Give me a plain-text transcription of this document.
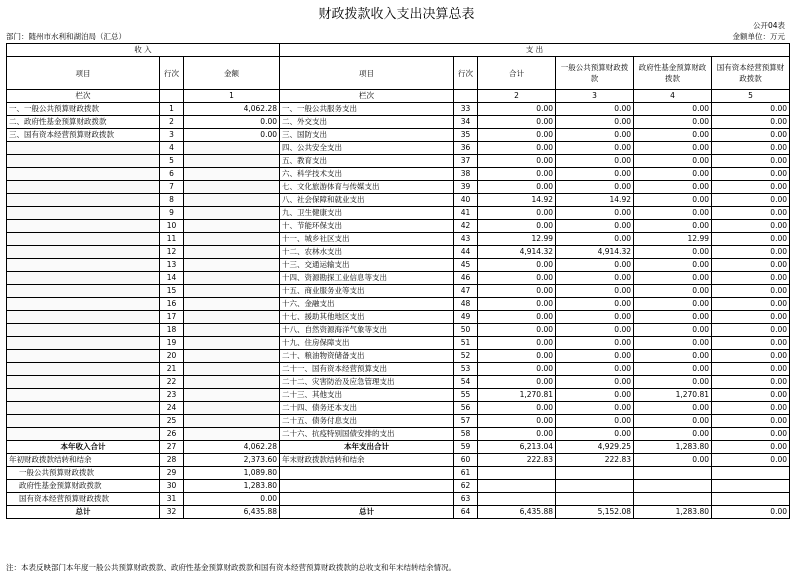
财政拨款收入支出决算总表
公开04表
部门：随州市水利和湖泊局（汇总）	金额单位：万元
收 入			支 出					
项目	行次	金额	项目	行次	合计	一般公共预算财政拨款	政府性基金预算财政拨款	国有资本经营预算财政拨款
栏次		1	栏次		2	3	4	5
一、一般公共预算财政拨款	1	4,062.28	一、一般公共服务支出	33	0.00	0.00	0.00	0.00
二、政府性基金预算财政拨款	2	0.00	二、外交支出	34	0.00	0.00	0.00	0.00
三、国有资本经营预算财政拨款	3	0.00	三、国防支出	35	0.00	0.00	0.00	0.00
	4		四、公共安全支出	36	0.00	0.00	0.00	0.00
	5		五、教育支出	37	0.00	0.00	0.00	0.00
	6		六、科学技术支出	38	0.00	0.00	0.00	0.00
	7		七、文化旅游体育与传媒支出	39	0.00	0.00	0.00	0.00
	8		八、社会保障和就业支出	40	14.92	14.92	0.00	0.00
	9		九、卫生健康支出	41	0.00	0.00	0.00	0.00
	10		十、节能环保支出	42	0.00	0.00	0.00	0.00
	11		十一、城乡社区支出	43	12.99	0.00	12.99	0.00
	12		十二、农林水支出	44	4,914.32	4,914.32	0.00	0.00
	13		十三、交通运输支出	45	0.00	0.00	0.00	0.00
	14		十四、资源勘探工业信息等支出	46	0.00	0.00	0.00	0.00
	15		十五、商业服务业等支出	47	0.00	0.00	0.00	0.00
	16		十六、金融支出	48	0.00	0.00	0.00	0.00
	17		十七、援助其他地区支出	49	0.00	0.00	0.00	0.00
	18		十八、自然资源海洋气象等支出	50	0.00	0.00	0.00	0.00
	19		十九、住房保障支出	51	0.00	0.00	0.00	0.00
	20		二十、粮油物资储备支出	52	0.00	0.00	0.00	0.00
	21		二十一、国有资本经营预算支出	53	0.00	0.00	0.00	0.00
	22		二十二、灾害防治及应急管理支出	54	0.00	0.00	0.00	0.00
	23		二十三、其他支出	55	1,270.81	0.00	1,270.81	0.00
	24		二十四、债务还本支出	56	0.00	0.00	0.00	0.00
	25		二十五、债务付息支出	57	0.00	0.00	0.00	0.00
	26		二十六、抗疫特别国债安排的支出	58	0.00	0.00	0.00	0.00
本年收入合计	27	4,062.28	本年支出合计	59	6,213.04	4,929.25	1,283.80	0.00
年初财政拨款结转和结余	28	2,373.60	年末财政拨款结转和结余	60	222.83	222.83	0.00	0.00
一般公共预算财政拨款	29	1,089.80		61				
政府性基金预算财政拨款	30	1,283.80		62				
国有资本经营预算财政拨款	31	0.00		63				
总计	32	6,435.88	总计	64	6,435.88	5,152.08	1,283.80	0.00
注：本表反映部门本年度一般公共预算财政拨款、政府性基金预算财政拨款和国有资本经营预算财政拨款的总收支和年末结转结余情况。
